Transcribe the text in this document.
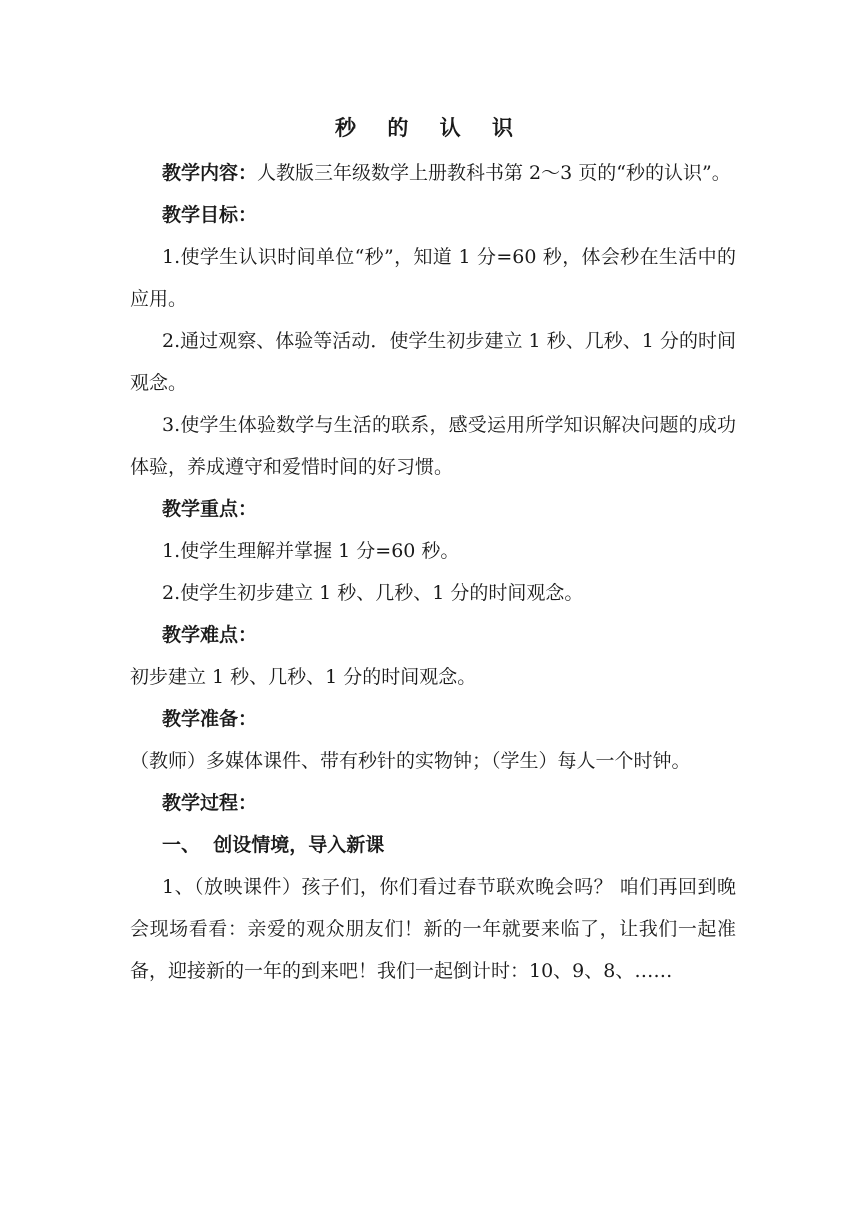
秒 的 认 识

教学内容：人教版三年级数学上册教科书第 2～3 页的“秒的认识”。

教学目标：

1.使学生认识时间单位“秒”，知道 1 分=60 秒，体会秒在生活中的应用。

2.通过观察、体验等活动．使学生初步建立 1 秒、几秒、1 分的时间观念。

3.使学生体验数学与生活的联系，感受运用所学知识解决问题的成功体验，养成遵守和爱惜时间的好习惯。

教学重点：

1.使学生理解并掌握 1 分=60 秒。

2.使学生初步建立 1 秒、几秒、1 分的时间观念。

教学难点：

初步建立 1 秒、几秒、1 分的时间观念。

教学准备：

（教师）多媒体课件、带有秒针的实物钟；（学生）每人一个时钟。

教学过程：

一、  创设情境，导入新课

1、（放映课件）孩子们，你们看过春节联欢晚会吗？ 咱们再回到晚会现场看看：亲爱的观众朋友们！新的一年就要来临了，让我们一起准备，迎接新的一年的到来吧！我们一起倒计时：10、9、8、……
